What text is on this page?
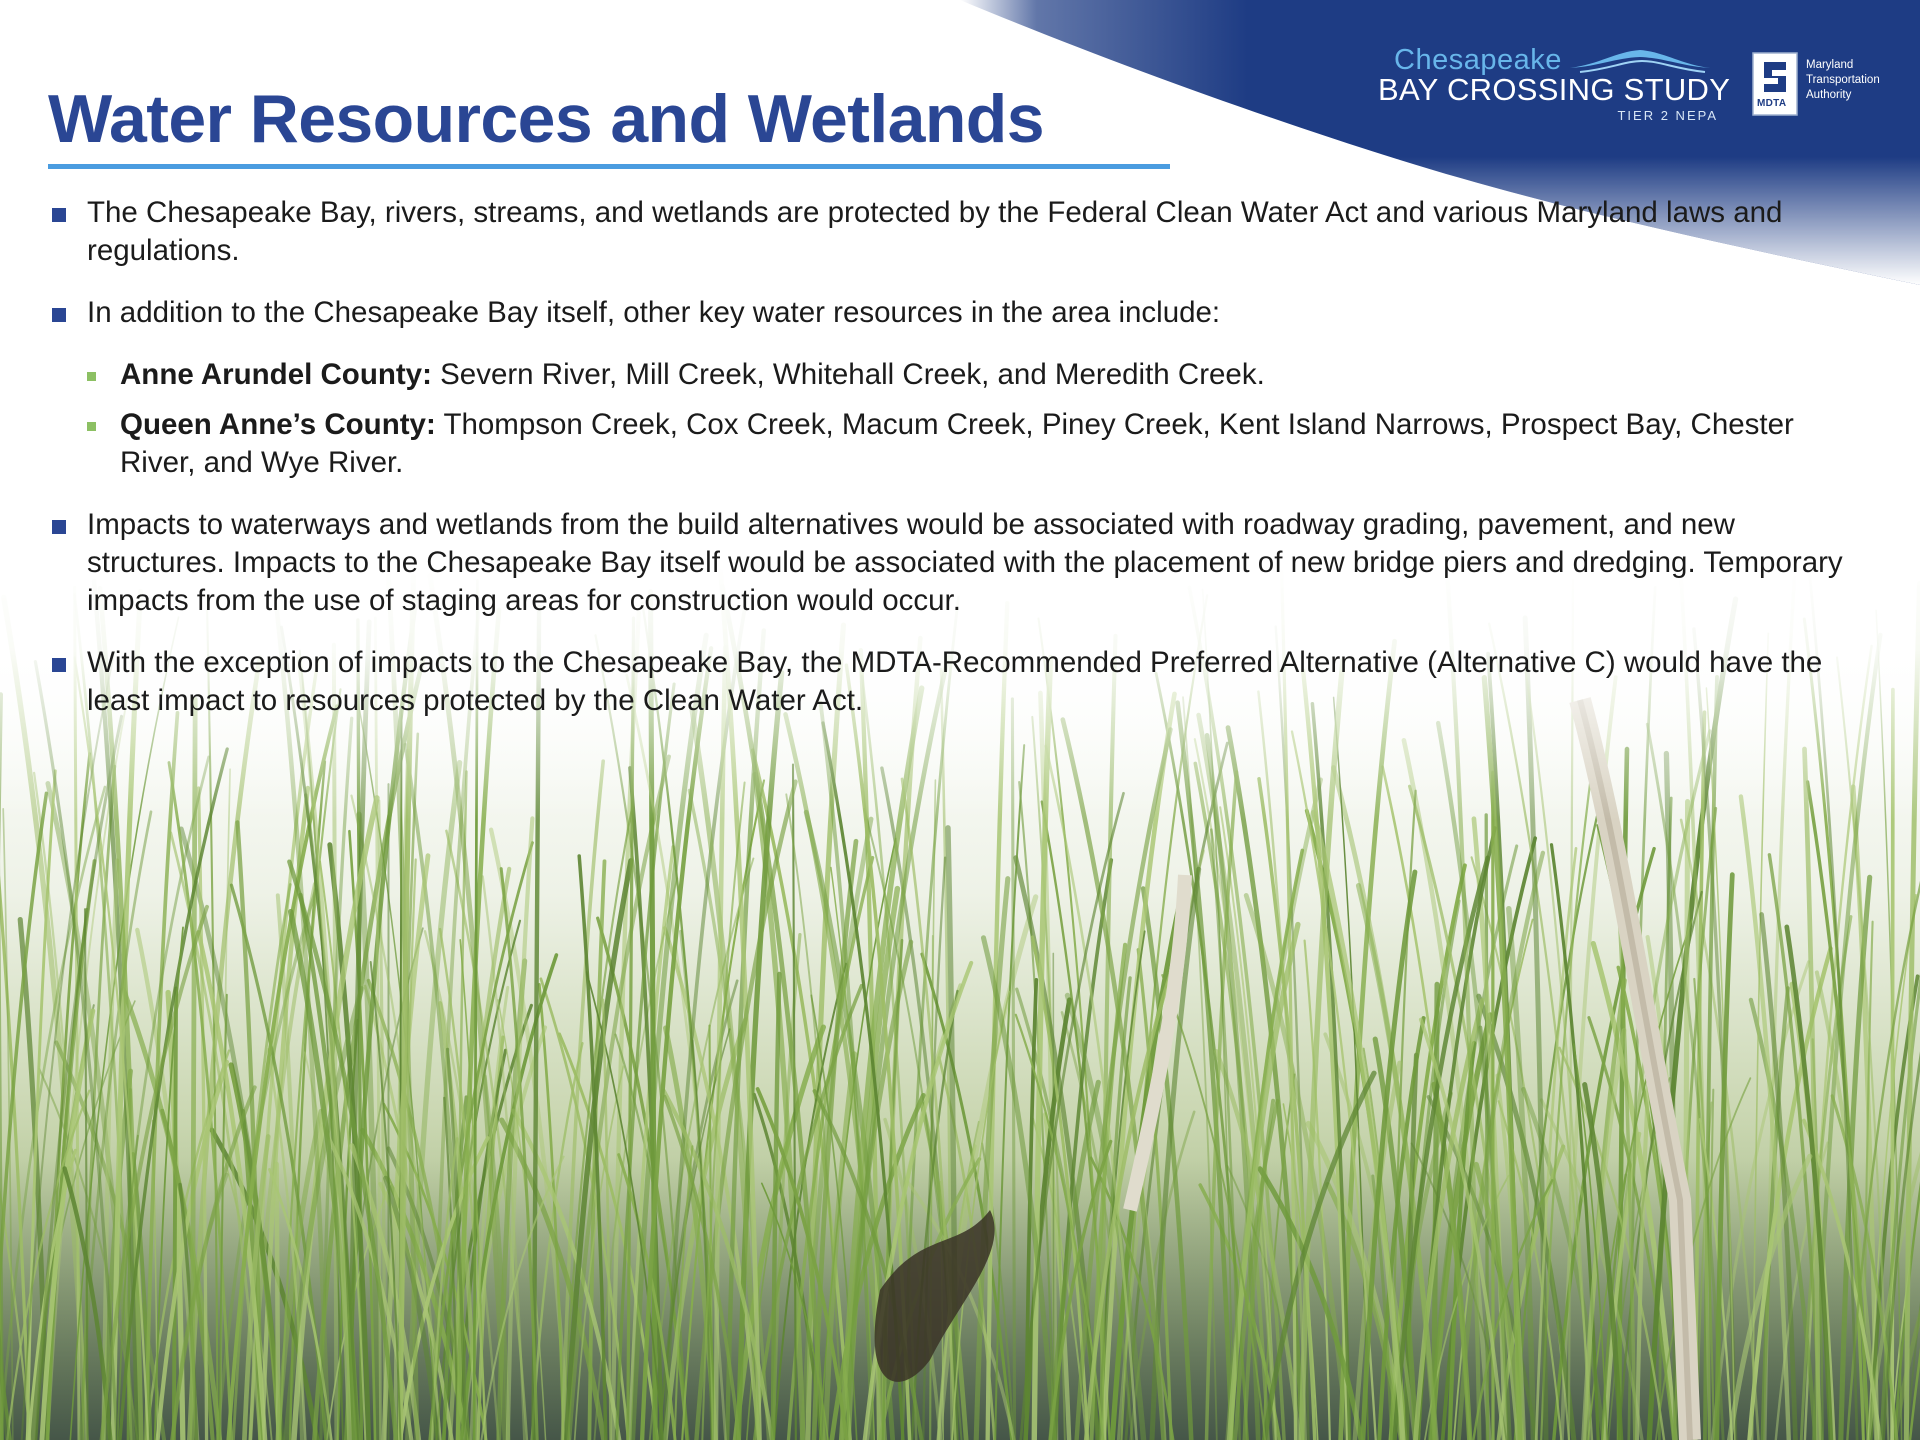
Chesapeake
BAY CROSSING STUDY
TIER 2 NEPA
MDTA
Maryland
Transportation
Authority
Water Resources and Wetlands
The Chesapeake Bay, rivers, streams, and wetlands are protected by the Federal Clean Water Act and various Maryland laws and regulations.
In addition to the Chesapeake Bay itself, other key water resources in the area include:
Anne Arundel County: Severn River, Mill Creek, Whitehall Creek, and Meredith Creek.
Queen Anne’s County: Thompson Creek, Cox Creek, Macum Creek, Piney Creek, Kent Island Narrows, Prospect Bay, Chester River, and Wye River.
Impacts to waterways and wetlands from the build alternatives would be associated with roadway grading, pavement, and new structures. Impacts to the Chesapeake Bay itself would be associated with the placement of new bridge piers and dredging. Temporary impacts from the use of staging areas for construction would occur.
With the exception of impacts to the Chesapeake Bay, the MDTA-Recommended Preferred Alternative (Alternative C) would have the least impact to resources protected by the Clean Water Act.
